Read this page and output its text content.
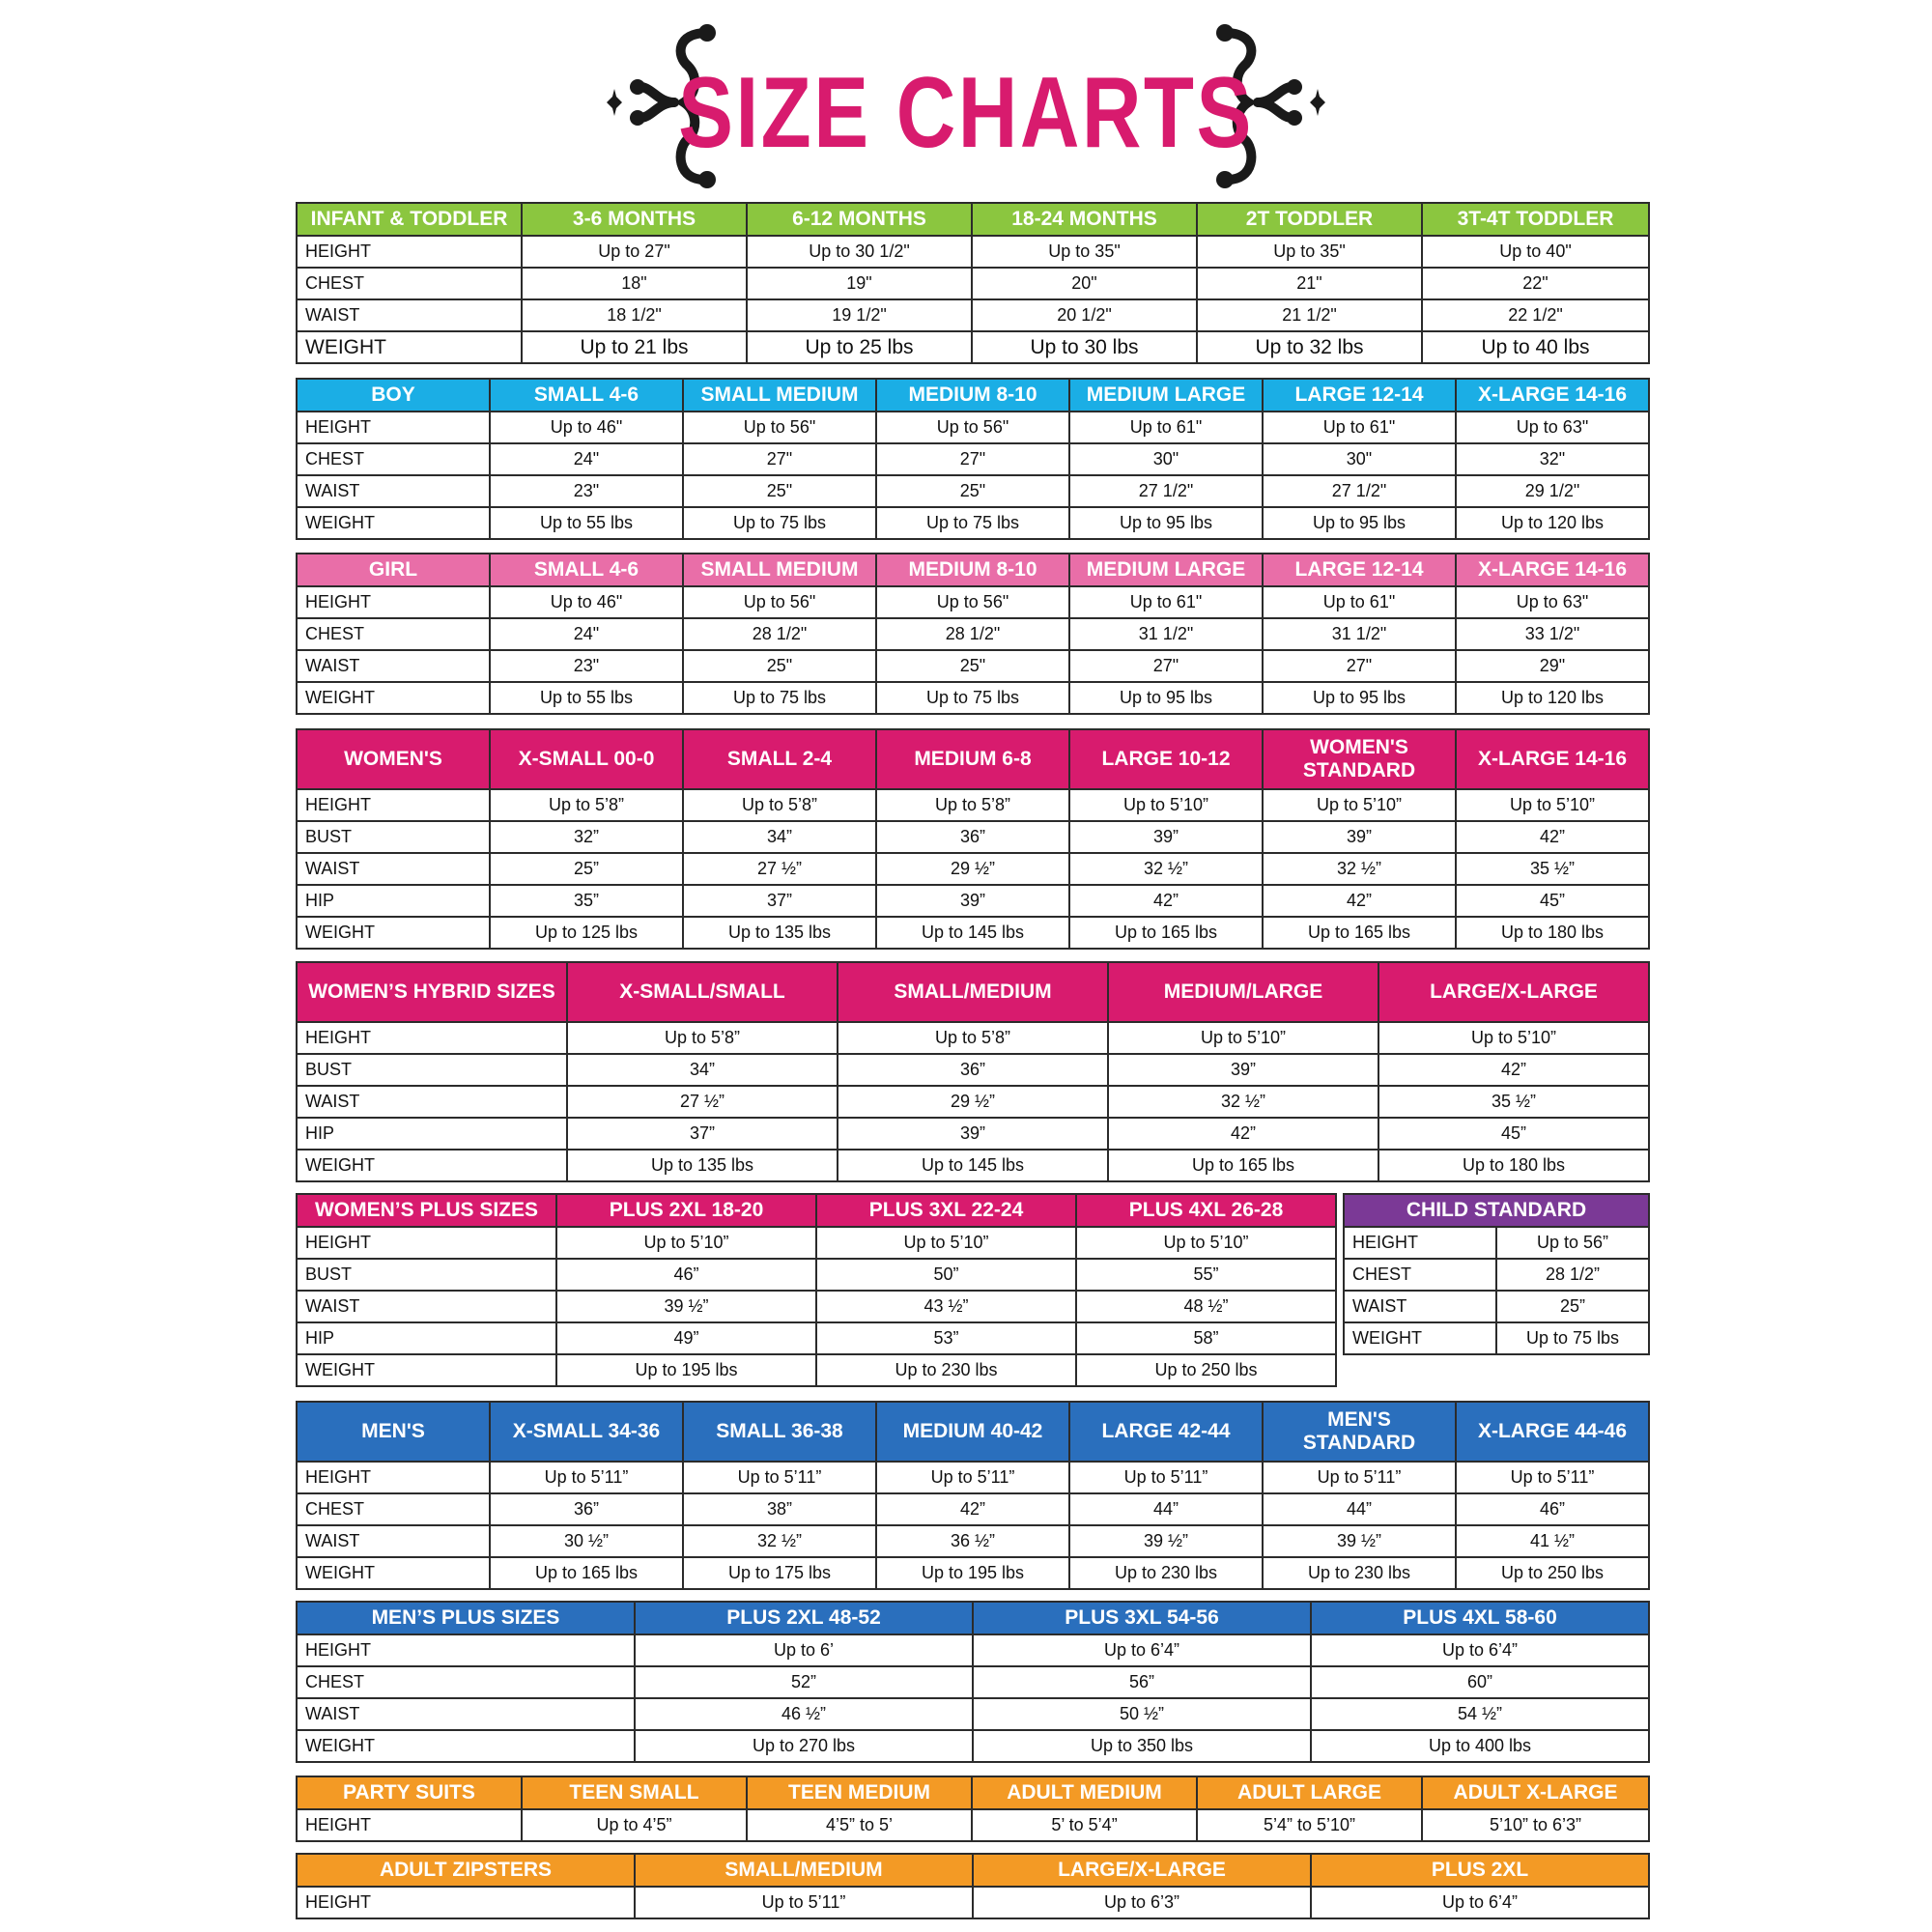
SIZE CHARTS
INFANT & TODDLER	3-6 MONTHS	6-12 MONTHS	18-24 MONTHS	2T TODDLER	3T-4T TODDLER
HEIGHT	Up to 27"	Up to 30 1/2"	Up to 35"	Up to 35"	Up to 40"
CHEST	18"	19"	20"	21"	22"
WAIST	18 1/2"	19 1/2"	20 1/2"	21 1/2"	22 1/2"
WEIGHT	Up to 21 lbs	Up to 25 lbs	Up to 30 lbs	Up to 32 lbs	Up to 40 lbs
BOY	SMALL 4-6	SMALL MEDIUM	MEDIUM 8-10	MEDIUM LARGE	LARGE 12-14	X-LARGE 14-16
HEIGHT	Up to 46"	Up to 56"	Up to 56"	Up to 61"	Up to 61"	Up to 63"
CHEST	24"	27"	27"	30"	30"	32"
WAIST	23"	25"	25"	27 1/2"	27 1/2"	29 1/2"
WEIGHT	Up to 55 lbs	Up to 75 lbs	Up to 75 lbs	Up to 95 lbs	Up to 95 lbs	Up to 120 lbs
GIRL	SMALL 4-6	SMALL MEDIUM	MEDIUM 8-10	MEDIUM LARGE	LARGE 12-14	X-LARGE 14-16
HEIGHT	Up to 46"	Up to 56"	Up to 56"	Up to 61"	Up to 61"	Up to 63"
CHEST	24"	28 1/2"	28 1/2"	31 1/2"	31 1/2"	33 1/2"
WAIST	23"	25"	25"	27"	27"	29"
WEIGHT	Up to 55 lbs	Up to 75 lbs	Up to 75 lbs	Up to 95 lbs	Up to 95 lbs	Up to 120 lbs
WOMEN'S	X-SMALL 00-0	SMALL 2-4	MEDIUM 6-8	LARGE 10-12	WOMEN'S STANDARD	X-LARGE 14-16
HEIGHT	Up to 5’8”	Up to 5’8”	Up to 5’8”	Up to 5’10”	Up to 5’10”	Up to 5’10”
BUST	32”	34”	36”	39”	39”	42”
WAIST	25”	27 ½”	29 ½”	32 ½”	32 ½”	35 ½”
HIP	35”	37”	39”	42”	42”	45”
WEIGHT	Up to 125 lbs	Up to 135 lbs	Up to 145 lbs	Up to 165 lbs	Up to 165 lbs	Up to 180 lbs
WOMEN’S HYBRID SIZES	X-SMALL/SMALL	SMALL/MEDIUM	MEDIUM/LARGE	LARGE/X-LARGE
HEIGHT	Up to 5’8”	Up to 5’8”	Up to 5’10”	Up to 5’10”
BUST	34”	36”	39”	42”
WAIST	27 ½”	29 ½”	32 ½”	35 ½”
HIP	37”	39”	42”	45”
WEIGHT	Up to 135 lbs	Up to 145 lbs	Up to 165 lbs	Up to 180 lbs
WOMEN’S PLUS SIZES	PLUS 2XL 18-20	PLUS 3XL 22-24	PLUS 4XL 26-28
HEIGHT	Up to 5’10”	Up to 5’10”	Up to 5’10”
BUST	46”	50”	55”
WAIST	39 ½”	43 ½”	48 ½”
HIP	49”	53”	58”
WEIGHT	Up to 195 lbs	Up to 230 lbs	Up to 250 lbs
CHILD STANDARD	
HEIGHT	Up to 56”
CHEST	28 1/2”
WAIST	25”
WEIGHT	Up to 75 lbs
MEN'S	X-SMALL 34-36	SMALL 36-38	MEDIUM 40-42	LARGE 42-44	MEN'S STANDARD	X-LARGE 44-46
HEIGHT	Up to 5’11”	Up to 5’11”	Up to 5’11”	Up to 5’11”	Up to 5’11”	Up to 5’11”
CHEST	36”	38”	42”	44”	44”	46”
WAIST	30 ½”	32 ½”	36 ½”	39 ½”	39 ½”	41 ½”
WEIGHT	Up to 165 lbs	Up to 175 lbs	Up to 195 lbs	Up to 230 lbs	Up to 230 lbs	Up to 250 lbs
MEN’S PLUS SIZES	PLUS 2XL 48-52	PLUS 3XL 54-56	PLUS 4XL 58-60
HEIGHT	Up to 6’	Up to 6’4”	Up to 6’4”
CHEST	52”	56”	60”
WAIST	46 ½”	50 ½”	54 ½”
WEIGHT	Up to 270 lbs	Up to 350 lbs	Up to 400 lbs
PARTY SUITS	TEEN SMALL	TEEN MEDIUM	ADULT MEDIUM	ADULT LARGE	ADULT X-LARGE
HEIGHT	Up to 4’5”	4’5” to 5’	5’ to 5’4”	5’4” to 5’10”	5’10” to 6’3”
ADULT ZIPSTERS	SMALL/MEDIUM	LARGE/X-LARGE	PLUS 2XL
HEIGHT	Up to 5’11”	Up to 6’3”	Up to 6’4”
